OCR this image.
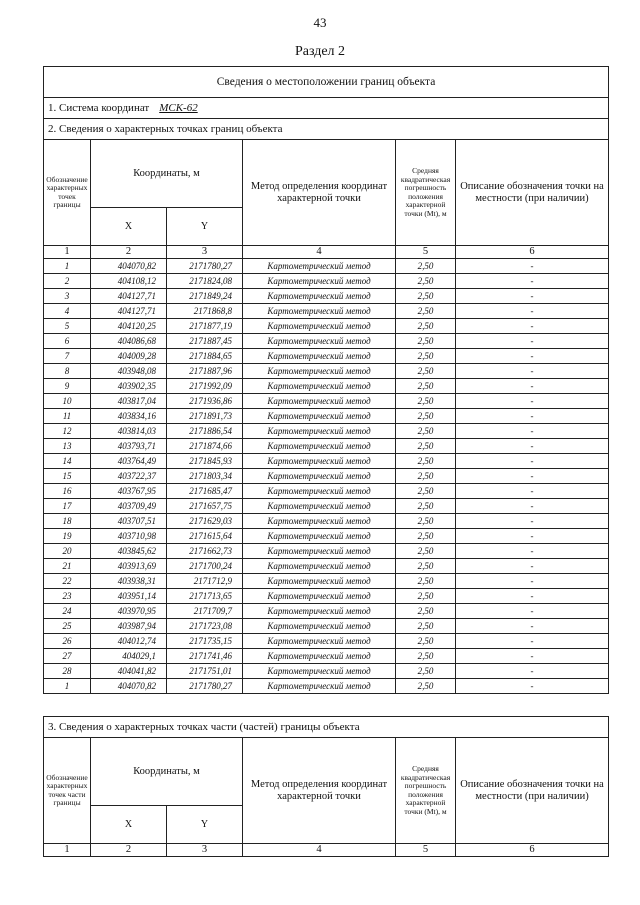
43
Раздел 2
Сведения о местоположении границ объекта					
1. Система координат МСК-62					
2. Сведения о характерных точках границ объекта					
Обозначение характерных точек границы	Координаты, м		Метод определения координат характерной точки	Средняя квадратическая погрешность положения характерной точки (Mt), м	Описание обозначения точки на местности (при наличии)
	X	Y			
1	2	3	4	5	6
1	404070,82	2171780,27	Картометрический метод	2,50	-
2	404108,12	2171824,08	Картометрический метод	2,50	-
3	404127,71	2171849,24	Картометрический метод	2,50	-
4	404127,71	2171868,8	Картометрический метод	2,50	-
5	404120,25	2171877,19	Картометрический метод	2,50	-
6	404086,68	2171887,45	Картометрический метод	2,50	-
7	404009,28	2171884,65	Картометрический метод	2,50	-
8	403948,08	2171887,96	Картометрический метод	2,50	-
9	403902,35	2171992,09	Картометрический метод	2,50	-
10	403817,04	2171936,86	Картометрический метод	2,50	-
11	403834,16	2171891,73	Картометрический метод	2,50	-
12	403814,03	2171886,54	Картометрический метод	2,50	-
13	403793,71	2171874,66	Картометрический метод	2,50	-
14	403764,49	2171845,93	Картометрический метод	2,50	-
15	403722,37	2171803,34	Картометрический метод	2,50	-
16	403767,95	2171685,47	Картометрический метод	2,50	-
17	403709,49	2171657,75	Картометрический метод	2,50	-
18	403707,51	2171629,03	Картометрический метод	2,50	-
19	403710,98	2171615,64	Картометрический метод	2,50	-
20	403845,62	2171662,73	Картометрический метод	2,50	-
21	403913,69	2171700,24	Картометрический метод	2,50	-
22	403938,31	2171712,9	Картометрический метод	2,50	-
23	403951,14	2171713,65	Картометрический метод	2,50	-
24	403970,95	2171709,7	Картометрический метод	2,50	-
25	403987,94	2171723,08	Картометрический метод	2,50	-
26	404012,74	2171735,15	Картометрический метод	2,50	-
27	404029,1	2171741,46	Картометрический метод	2,50	-
28	404041,82	2171751,01	Картометрический метод	2,50	-
1	404070,82	2171780,27	Картометрический метод	2,50	-
3. Сведения о характерных точках части (частей) границы объекта					
Обозначение характерных точек части границы	Координаты, м		Метод определения координат характерной точки	Средняя квадратическая погрешность положения характерной точки (Mt), м	Описание обозначения точки на местности (при наличии)
	X	Y			
1	2	3	4	5	6
